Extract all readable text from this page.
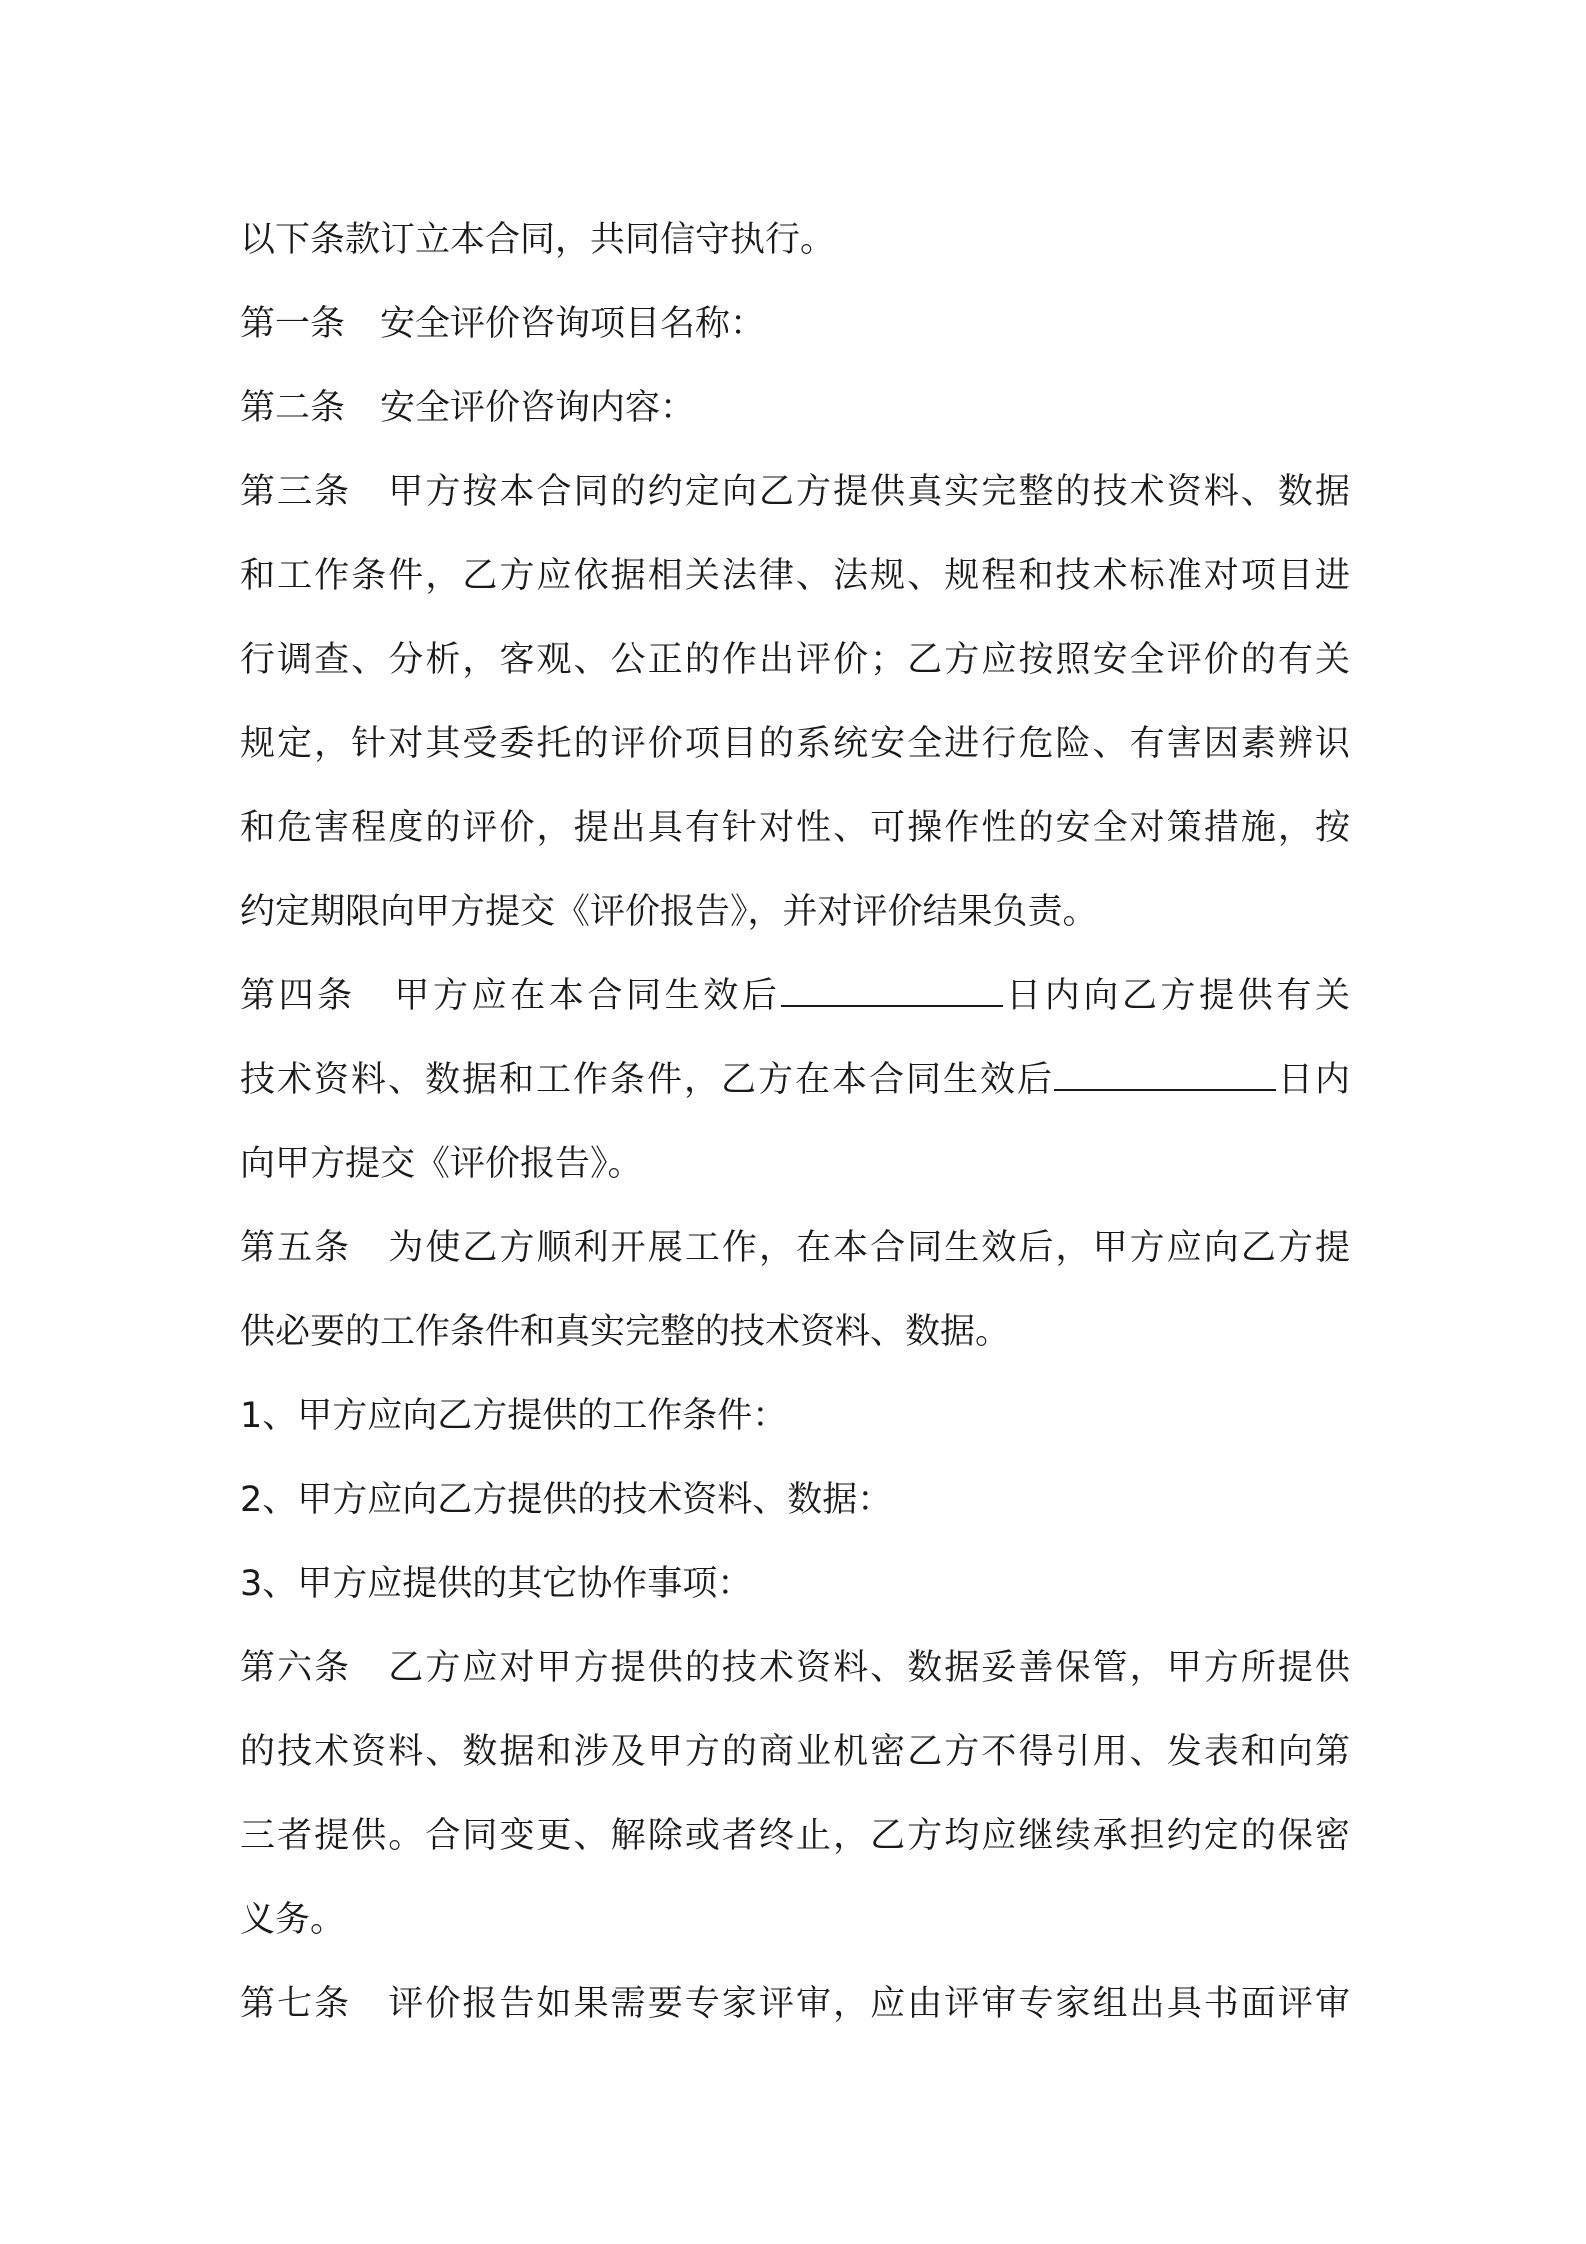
以下条款订立本合同，共同信守执行。
第一条　安全评价咨询项目名称：
第二条　安全评价咨询内容：
第三条　甲方按本合同的约定向乙方提供真实完整的技术资料、数据
和工作条件，乙方应依据相关法律、法规、规程和技术标准对项目进
行调查、分析，客观、公正的作出评价；乙方应按照安全评价的有关
规定，针对其受委托的评价项目的系统安全进行危险、有害因素辨识
和危害程度的评价，提出具有针对性、可操作性的安全对策措施，按
约定期限向甲方提交《评价报告》，并对评价结果负责。
第四条　甲方应在本合同生效后	日内向乙方提供有关
技术资料、数据和工作条件，乙方在本合同生效后	日内
向甲方提交《评价报告》。
第五条　为使乙方顺利开展工作，在本合同生效后，甲方应向乙方提
供必要的工作条件和真实完整的技术资料、数据。
1、甲方应向乙方提供的工作条件：
2、甲方应向乙方提供的技术资料、数据：
3、甲方应提供的其它协作事项：
第六条　乙方应对甲方提供的技术资料、数据妥善保管，甲方所提供
的技术资料、数据和涉及甲方的商业机密乙方不得引用、发表和向第
三者提供。合同变更、解除或者终止，乙方均应继续承担约定的保密
义务。
第七条　评价报告如果需要专家评审，应由评审专家组出具书面评审
